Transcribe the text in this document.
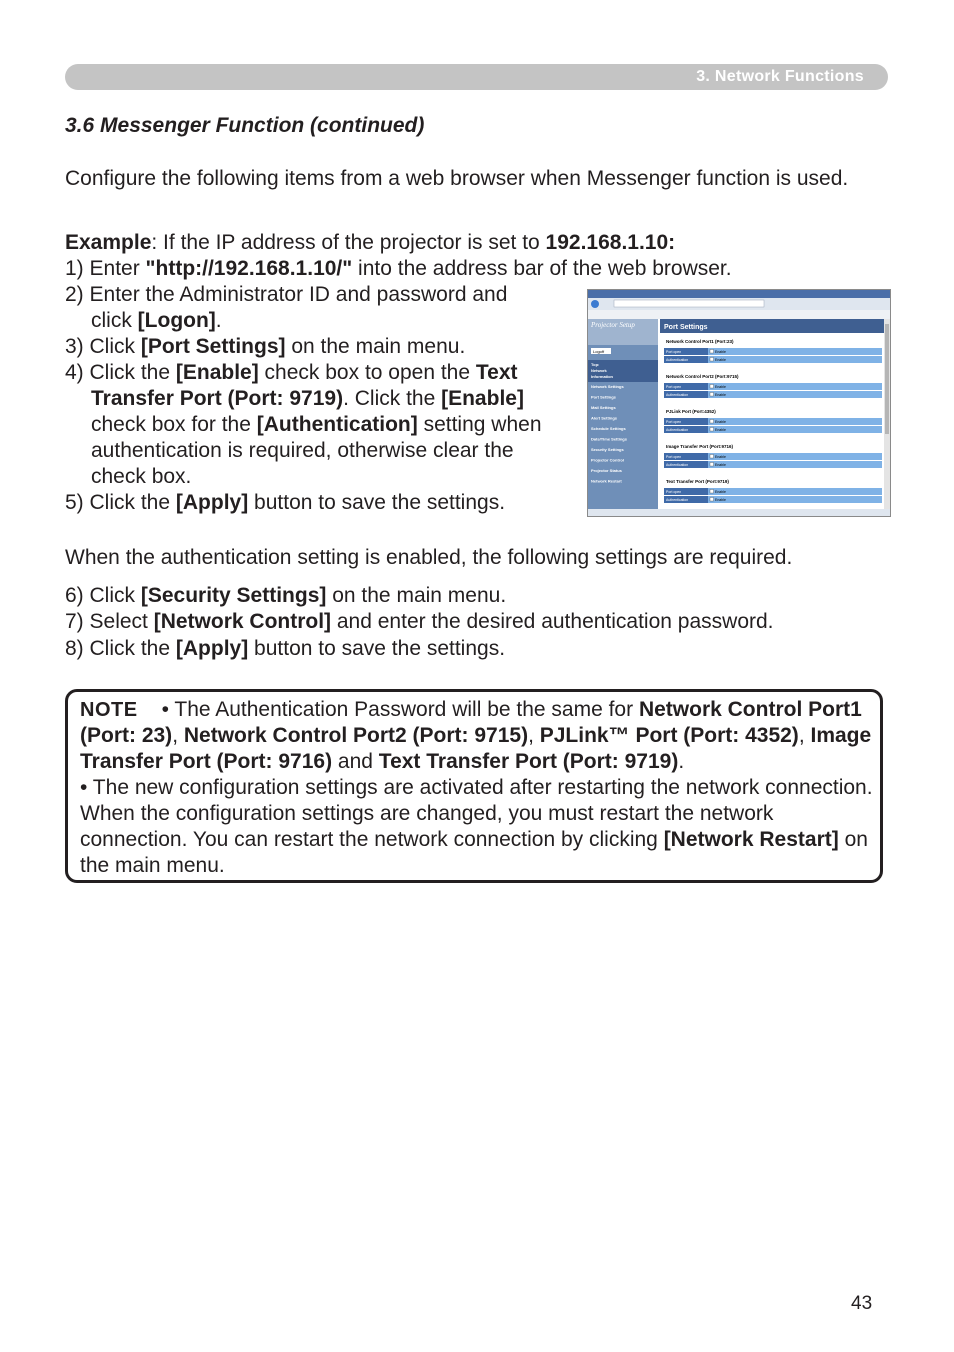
3. Network Functions
3.6 Messenger Function (continued)

Configure the following items from a web browser when Messenger function is used.

Example: If the IP address of the projector is set to 192.168.1.10:

1) Enter "http://192.168.1.10/" into the address bar of the web browser.

2) Enter the Administrator ID and password and
click [Logon].

3) Click [Port Settings] on the main menu.

4) Click the [Enable] check box to open the Text
Transfer Port (Port: 9719). Click the [Enable]
check box for the [Authentication] setting when
authentication is required, otherwise clear the
check box.

5) Click the [Apply] button to save the settings.

Projector Setup
Logoff
Top:
Network
Information
Network Settings
Port Settings
Mail Settings
Alert Settings
Schedule Settings
Date/Time Settings
Security Settings
Projector Control
Projector Status
Network Restart
Port Settings
Network Control Port1 (Port:23)
Port open	Enable
Authentication	Enable
Network Control Port2 (Port:9715)
Port open	Enable
Authentication	Enable
PJLink Port (Port:4352)
Port open	Enable
Authentication	Enable
Image Transfer Port (Port:9716)
Port open	Enable
Authentication	Enable
Text Transfer Port (Port:9719)
Port open	Enable
Authentication	Enable

When the authentication setting is enabled, the following settings are required.

6) Click [Security Settings] on the main menu.

7) Select [Network Control] and enter the desired authentication password.

8) Click the [Apply] button to save the settings.

NOTE • The Authentication Password will be the same for Network Control Port1 (Port: 23), Network Control Port2 (Port: 9715), PJLink™ Port (Port: 4352), Image Transfer Port (Port: 9716) and Text Transfer Port (Port: 9719).
• The new configuration settings are activated after restarting the network connection. When the configuration settings are changed, you must restart the network connection. You can restart the network connection by clicking [Network Restart] on the main menu.

43
